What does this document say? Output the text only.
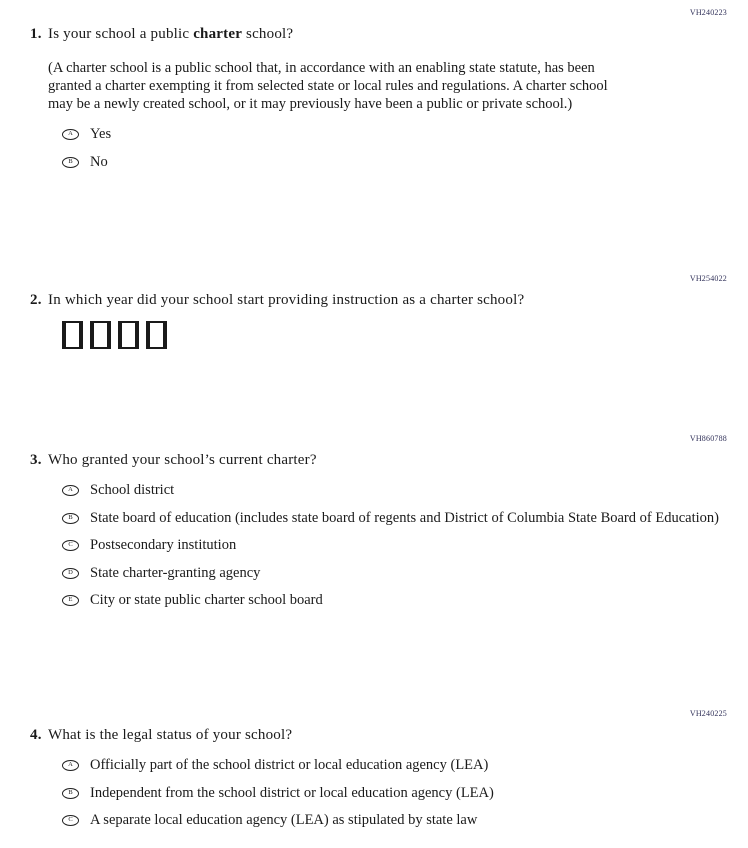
VH240223
1. Is your school a public charter school?
(A charter school is a public school that, in accordance with an enabling state statute, has been granted a charter exempting it from selected state or local rules and regulations. A charter school may be a newly created school, or it may previously have been a public or private school.)
A	Yes
B	No
VH254022
2. In which year did your school start providing instruction as a charter school?
VH860788
3. Who granted your school’s current charter?
A	School district
B	State board of education (includes state board of regents and District of Columbia State Board of Education)
C	Postsecondary institution
D	State charter-granting agency
E	City or state public charter school board
VH240225
4. What is the legal status of your school?
A	Officially part of the school district or local education agency (LEA)
B	Independent from the school district or local education agency (LEA)
C	A separate local education agency (LEA) as stipulated by state law
